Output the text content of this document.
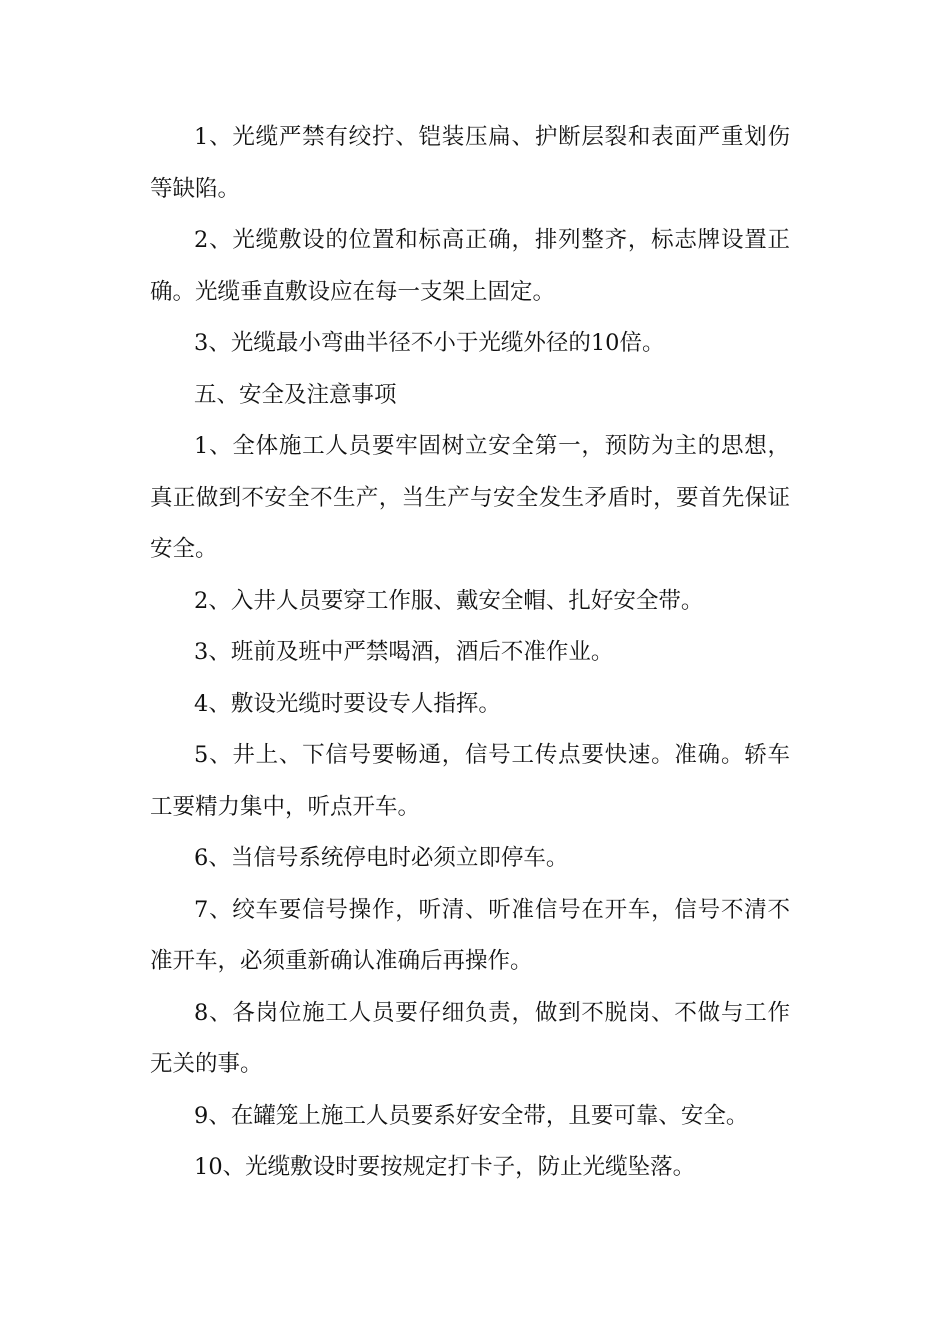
1、光缆严禁有绞拧、铠装压扁、护断层裂和表面严重划伤等缺陷。

2、光缆敷设的位置和标高正确，排列整齐，标志牌设置正确。光缆垂直敷设应在每一支架上固定。

3、光缆最小弯曲半径不小于光缆外径的10倍。

五、安全及注意事项

1、全体施工人员要牢固树立安全第一，预防为主的思想，真正做到不安全不生产，当生产与安全发生矛盾时，要首先保证安全。

2、入井人员要穿工作服、戴安全帽、扎好安全带。

3、班前及班中严禁喝酒，酒后不准作业。

4、敷设光缆时要设专人指挥。

5、井上、下信号要畅通，信号工传点要快速。准确。轿车工要精力集中，听点开车。

6、当信号系统停电时必须立即停车。

7、绞车要信号操作，听清、听准信号在开车，信号不清不准开车，必须重新确认准确后再操作。

8、各岗位施工人员要仔细负责，做到不脱岗、不做与工作无关的事。

9、在罐笼上施工人员要系好安全带，且要可靠、安全。

10、光缆敷设时要按规定打卡子，防止光缆坠落。
